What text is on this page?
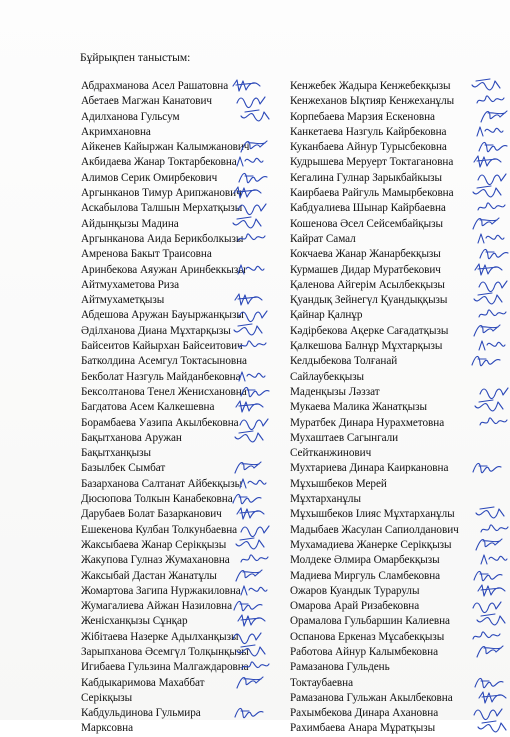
Бұйрықпен таныстым:
Абдрахманова Асел Рашатовна
Абетаев Магжан Канатович
Адилханова Гульсум
Акримхановна
Айкенев Кайыржан Калымжанович
Акбидаева Жанар Токтарбековна
Алимов Серик Омирбекович
Аргынканов Тимур Арипжанович
Аскабылова Талшын Мерхатқызы
Айдынқызы Мадина
Аргынканова Аида Берикболкызы
Амренова Бакыт Траисовна
Аринбекова Аяужан Аринбеккызы
Айтмухаметова Риза
Айтмухаметқызы
Абдешова Аружан Бауыржанқызы
Әділханова Диана Мұхтарқызы
Байсеитов Кайырхан Байсеитович
Батколдина Асемгул Токтасыновна
Бекболат Назгуль Майданбековна
Бексолтанова Тенел Женисхановна
Багдатова Асем Калкешевна
Борамбаева Уазипа Акылбековна
Бақытханова Аружан
Бақытханқызы
Базылбек Сымбат
Базарханова Салтанат Айбекқызы
Дюсюпова Толкын Канабековна
Дарубаев Болат Базарканович
Ешекенова Кулбан Толкунбаевна
Жаксыбаева Жанар Серікқызы
Жакупова Гулназ Жумахановна
Жаксыбай Дастан Жанатұлы
Жомартова Загипа Нуржакиловна
Жумагалиева Айжан Назиловна
Женісханқызы Сұнқар
Жібітаева Назерке Адылханқызы
Зарыпханова Әсемгүл Толқынқызы
Игибаева Гульзина Малгаждаровна
Кабдыкаримова Махаббат
Серікқызы
Кабдульдинова Гульмира
Марксовна
Кенжебек Жадыра Кенжебекқызы
Кенжеханов Ықтияр Кенжеханұлы
Корпебаева Марзия Ескеновна
Канкетаева Назгуль Кайрбековна
Куканбаева Айнур Турысбековна
Кудрышева Меруерт Токтагановна
Кегалина Гулнар Зарыкбайкызы
Каирбаева Райгуль Мамырбековна
Кабдуалиева Шынар Кайрбаевна
Кошенова Әсел Сейсембайқызы
Кайрат Самал
Кокчаева Жанар Жанарбекқызы
Курмашев Дидар Муратбекович
Қаленова Айгерім Асылбекқызы
Қуандық Зейнегүл Қуандыққызы
Қайнар Қалнұр
Кәдірбекова Ақерке Сағадатқызы
Қалкешова Балнұр Мұхтарқызы
Келдыбекова Толғанай
Сайлаубекқызы
Маденқызы Ләззат
Мукаева Малика Жанатқызы
Муратбек Динара Нурахметовна
Мухаштаев Сагынгали
Сейтканжинович
Мухтариева Динара Каиркановна
Мұхышбеков Мерей
Мұхтарханұлы
Мұхышбеков Ілияс Мұхтарханұлы
Мадыбаев Жасулан Сапиолданович
Мухамадиева Жанерке Серікқызы
Молдеке Әлмира Омарбекқызы
Мадиева Миргуль Сламбековна
Ожаров Куандык Турарулы
Омарова Арай Ризабековна
Орамалова Гульбаршин Калиевна
Оспанова Еркеназ Мұсабекқызы
Работова Айнур Калымбековна
Рамазанова Гульдень
Токтаубаевна
Рамазанова Гульжан Акылбековна
Рахымбекова Динара Ахановна
Рахимбаева Анара Мұратқызы
